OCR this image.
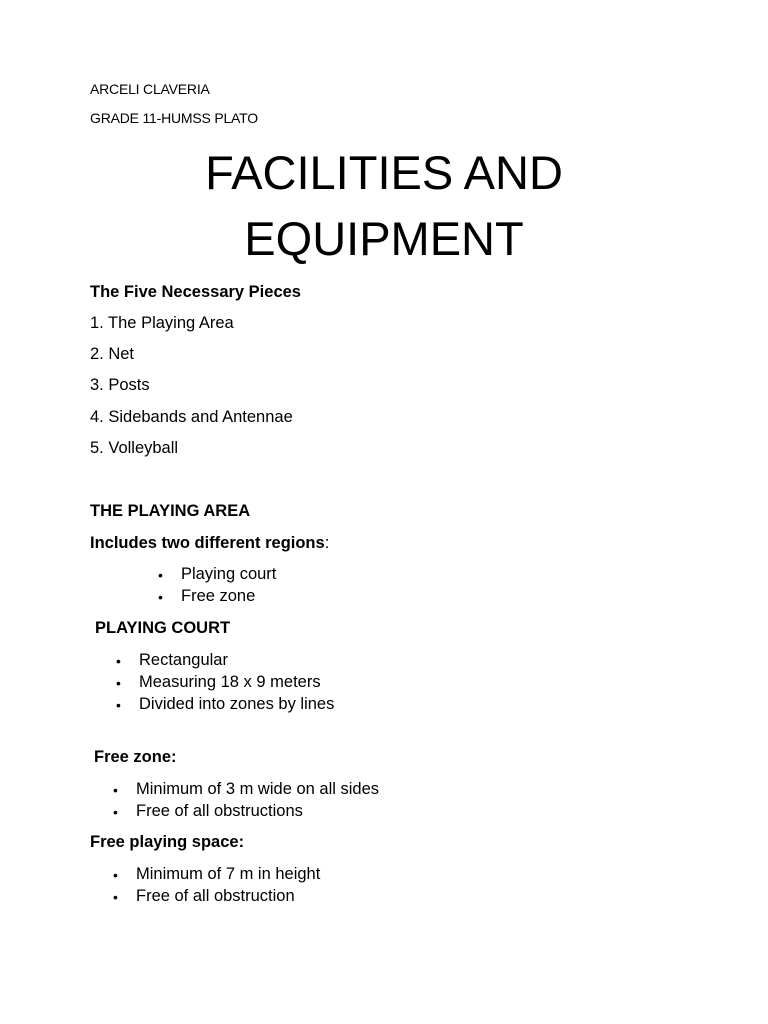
ARCELI CLAVERIA
GRADE 11-HUMSS PLATO
FACILITIES AND
EQUIPMENT
The Five Necessary Pieces
1. The Playing Area
2. Net
3. Posts
4. Sidebands and Antennae
5. Volleyball
THE PLAYING AREA
Includes two different regions:
• Playing court
• Free zone
PLAYING COURT
• Rectangular
• Measuring 18 x 9 meters
• Divided into zones by lines
Free zone:
• Minimum of 3 m wide on all sides
• Free of all obstructions
Free playing space:
• Minimum of 7 m in height
• Free of all obstruction
